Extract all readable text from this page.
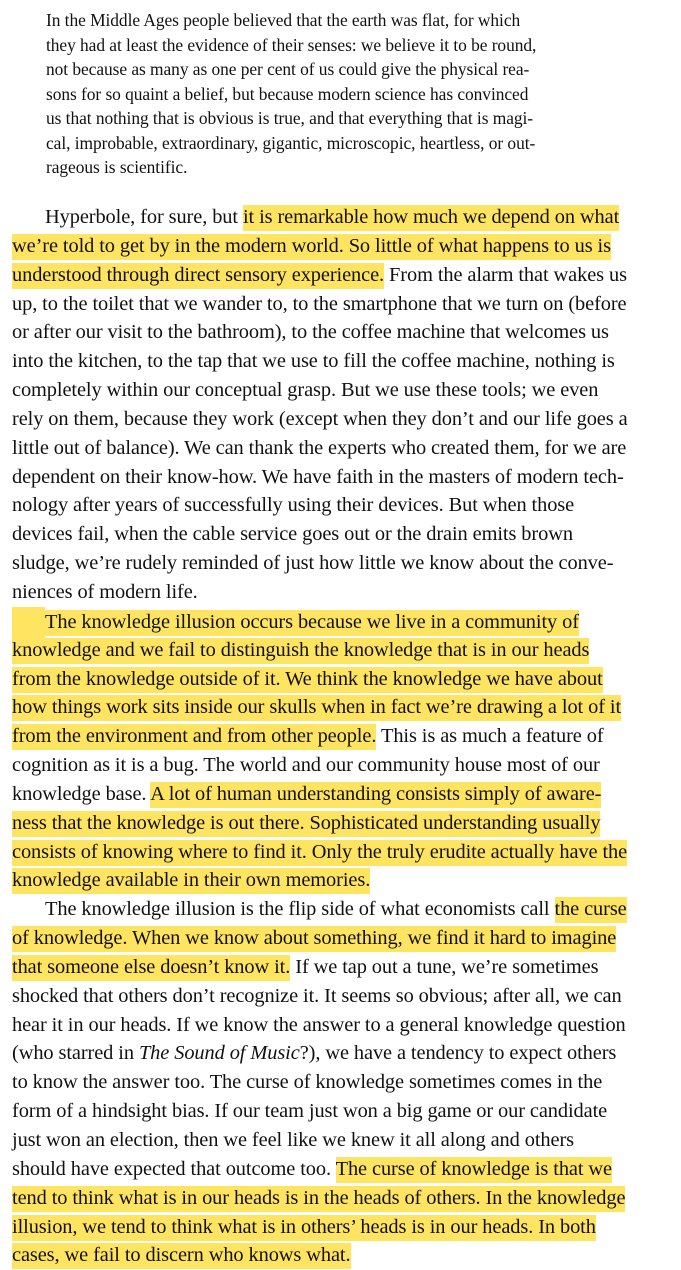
In the Middle Ages people believed that the earth was flat, for which
they had at least the evidence of their senses: we believe it to be round,
not because as many as one per cent of us could give the physical rea-
sons for so quaint a belief, but because modern science has convinced
us that nothing that is obvious is true, and that everything that is magi-
cal, improbable, extraordinary, gigantic, microscopic, heartless, or out-
rageous is scientific.
Hyperbole, for sure, but it is remarkable how much we depend on what
we’re told to get by in the modern world. So little of what happens to us is
understood through direct sensory experience. From the alarm that wakes us
up, to the toilet that we wander to, to the smartphone that we turn on (before
or after our visit to the bathroom), to the coffee machine that welcomes us
into the kitchen, to the tap that we use to fill the coffee machine, nothing is
completely within our conceptual grasp. But we use these tools; we even
rely on them, because they work (except when they don’t and our life goes a
little out of balance). We can thank the experts who created them, for we are
dependent on their know-how. We have faith in the masters of modern tech-
nology after years of successfully using their devices. But when those
devices fail, when the cable service goes out or the drain emits brown
sludge, we’re rudely reminded of just how little we know about the conve-
niences of modern life.
The knowledge illusion occurs because we live in a community of
knowledge and we fail to distinguish the knowledge that is in our heads
from the knowledge outside of it. We think the knowledge we have about
how things work sits inside our skulls when in fact we’re drawing a lot of it
from the environment and from other people. This is as much a feature of
cognition as it is a bug. The world and our community house most of our
knowledge base. A lot of human understanding consists simply of aware-
ness that the knowledge is out there. Sophisticated understanding usually
consists of knowing where to find it. Only the truly erudite actually have the
knowledge available in their own memories.
The knowledge illusion is the flip side of what economists call the curse
of knowledge. When we know about something, we find it hard to imagine
that someone else doesn’t know it. If we tap out a tune, we’re sometimes
shocked that others don’t recognize it. It seems so obvious; after all, we can
hear it in our heads. If we know the answer to a general knowledge question
(who starred in The Sound of Music?), we have a tendency to expect others
to know the answer too. The curse of knowledge sometimes comes in the
form of a hindsight bias. If our team just won a big game or our candidate
just won an election, then we feel like we knew it all along and others
should have expected that outcome too. The curse of knowledge is that we
tend to think what is in our heads is in the heads of others. In the knowledge
illusion, we tend to think what is in others’ heads is in our heads. In both
cases, we fail to discern who knows what.
